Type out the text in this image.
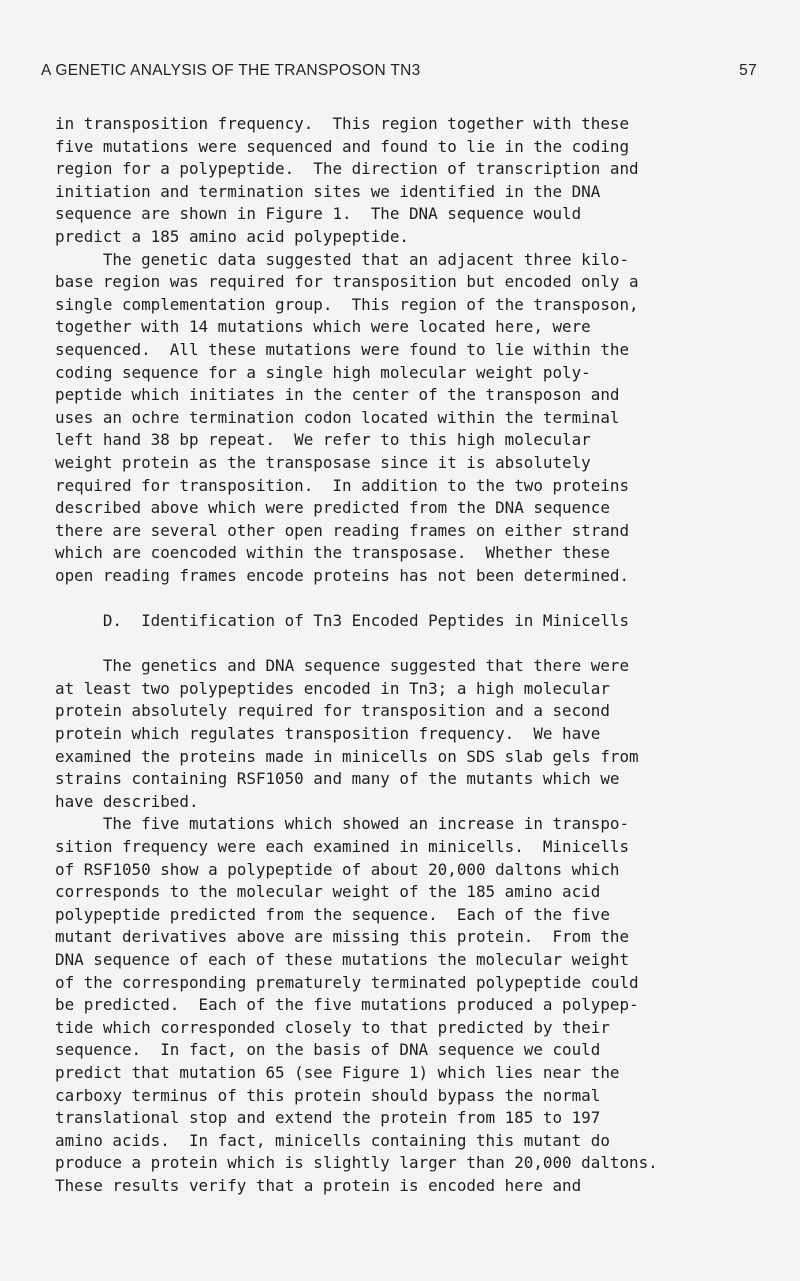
A GENETIC ANALYSIS OF THE TRANSPOSON TN3	57
in transposition frequency.  This region together with these
five mutations were sequenced and found to lie in the coding
region for a polypeptide.  The direction of transcription and
initiation and termination sites we identified in the DNA
sequence are shown in Figure 1.  The DNA sequence would
predict a 185 amino acid polypeptide.
The genetic data suggested that an adjacent three kilo-
base region was required for transposition but encoded only a
single complementation group.  This region of the transposon,
together with 14 mutations which were located here, were
sequenced.  All these mutations were found to lie within the
coding sequence for a single high molecular weight poly-
peptide which initiates in the center of the transposon and
uses an ochre termination codon located within the terminal
left hand 38 bp repeat.  We refer to this high molecular
weight protein as the transposase since it is absolutely
required for transposition.  In addition to the two proteins
described above which were predicted from the DNA sequence
there are several other open reading frames on either strand
which are coencoded within the transposase.  Whether these
open reading frames encode proteins has not been determined.
D.  Identification of Tn3 Encoded Peptides in Minicells
The genetics and DNA sequence suggested that there were
at least two polypeptides encoded in Tn3; a high molecular
protein absolutely required for transposition and a second
protein which regulates transposition frequency.  We have
examined the proteins made in minicells on SDS slab gels from
strains containing RSF1050 and many of the mutants which we
have described.
The five mutations which showed an increase in transpo-
sition frequency were each examined in minicells.  Minicells
of RSF1050 show a polypeptide of about 20,000 daltons which
corresponds to the molecular weight of the 185 amino acid
polypeptide predicted from the sequence.  Each of the five
mutant derivatives above are missing this protein.  From the
DNA sequence of each of these mutations the molecular weight
of the corresponding prematurely terminated polypeptide could
be predicted.  Each of the five mutations produced a polypep-
tide which corresponded closely to that predicted by their
sequence.  In fact, on the basis of DNA sequence we could
predict that mutation 65 (see Figure 1) which lies near the
carboxy terminus of this protein should bypass the normal
translational stop and extend the protein from 185 to 197
amino acids.  In fact, minicells containing this mutant do
produce a protein which is slightly larger than 20,000 daltons.
These results verify that a protein is encoded here and
